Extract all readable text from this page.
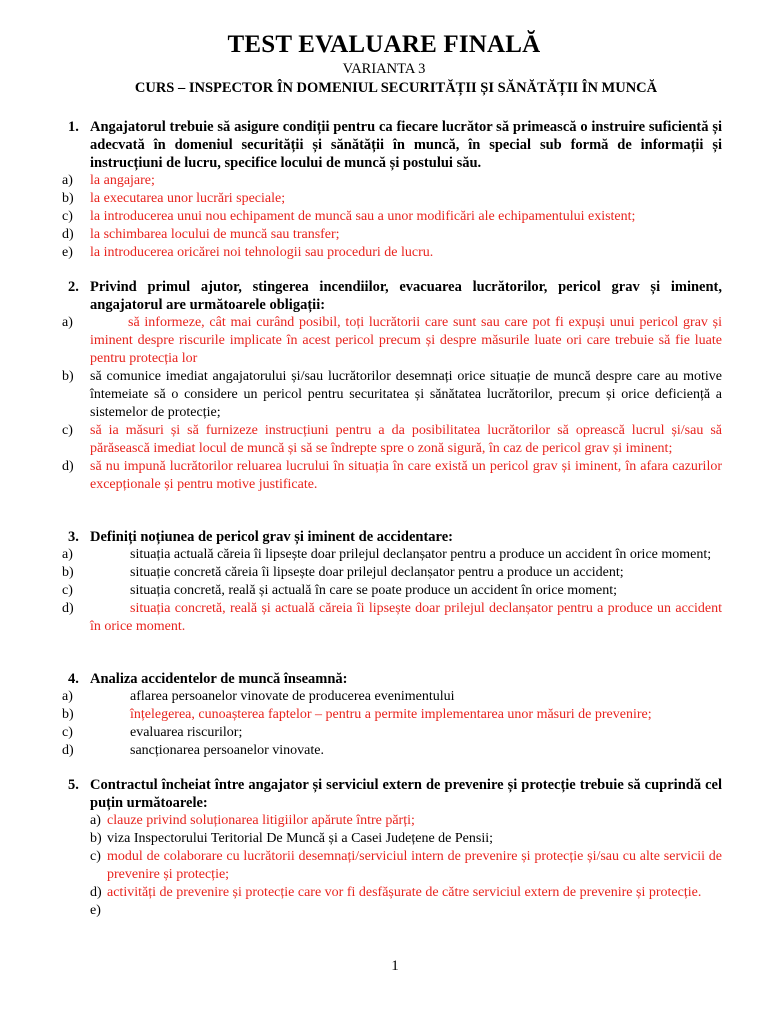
TEST EVALUARE FINALĂ
VARIANTA 3
CURS – INSPECTOR ÎN DOMENIUL SECURITĂȚII ȘI SĂNĂTĂȚII ÎN MUNCĂ
1. Angajatorul trebuie să asigure condiții pentru ca fiecare lucrător să primească o instruire suficientă și adecvată în domeniul securității și sănătății în muncă, în special sub formă de informații și instrucțiuni de lucru, specifice locului de muncă și postului său.
a) la angajare;
b) la executarea unor lucrări speciale;
c) la introducerea unui nou echipament de muncă sau a unor modificări ale echipamentului existent;
d) la schimbarea locului de muncă sau transfer;
e) la introducerea oricărei noi tehnologii sau proceduri de lucru.
2. Privind primul ajutor, stingerea incendiilor, evacuarea lucrătorilor, pericol grav și iminent, angajatorul are următoarele obligații:
a)	să informeze, cât mai curând posibil, toți lucrătorii care sunt sau care pot fi expuși unui pericol grav și iminent despre riscurile implicate în acest pericol precum și despre măsurile luate ori care trebuie să fie luate pentru protecția lor
b) să comunice imediat angajatorului și/sau lucrătorilor desemnați orice situație de muncă despre care au motive întemeiate să o considere un pericol pentru securitatea și sănătatea lucrătorilor, precum și orice deficiență a sistemelor de protecție;
c) să ia măsuri și să furnizeze instrucțiuni pentru a da posibilitatea lucrătorilor să oprească lucrul și/sau să părăsească imediat locul de muncă și să se îndrepte spre o zonă sigură, în caz de pericol grav și iminent;
d) să nu impună lucrătorilor reluarea lucrului în situația în care există un pericol grav și iminent, în afara cazurilor excepționale și pentru motive justificate.
3. Definiți noțiunea de pericol grav și iminent de accidentare:
a)	situația actuală căreia îi lipsește doar prilejul declanșator pentru a produce un accident în orice moment;
b)	situație concretă căreia îi lipsește doar prilejul declanșator pentru a produce un accident;
c)	situația concretă, reală și actuală în care se poate produce un accident în orice moment;
d)	situația concretă, reală și actuală căreia îi lipsește doar prilejul declanșator pentru a produce un accident în orice moment.
4. Analiza accidentelor de muncă înseamnă:
a)	aflarea persoanelor vinovate de producerea evenimentului
b)	înțelegerea, cunoașterea faptelor – pentru a permite implementarea unor măsuri de prevenire;
c)	evaluarea riscurilor;
d)	sancționarea persoanelor vinovate.
5. Contractul încheiat între angajator și serviciul extern de prevenire și protecție trebuie să cuprindă cel puțin următoarele:
a) clauze privind soluționarea litigiilor apărute între părți;
b) viza Inspectorului Teritorial De Muncă și a Casei Județene de Pensii;
c) modul de colaborare cu lucrătorii desemnați/serviciul intern de prevenire și protecție și/sau cu alte servicii de prevenire și protecție;
d) activități de prevenire și protecție care vor fi desfășurate de către serviciul extern de prevenire și protecție.
e)
1
